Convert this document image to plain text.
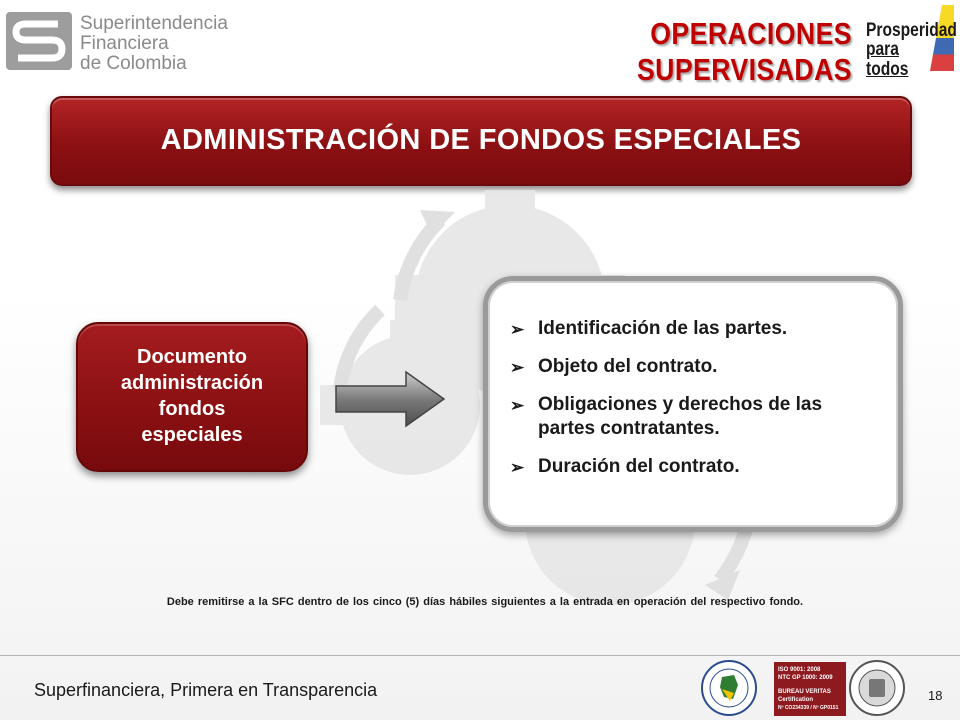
Superintendencia
Financiera
de Colombia
OPERACIONES SUPERVISADAS
Prosperidad
para todos
ADMINISTRACIÓN DE FONDOS ESPECIALES
Documento
administración
fondos
especiales
➢ Identificación de las partes.
➢ Objeto del contrato.
➢ Obligaciones y derechos de las partes contratantes.
➢ Duración del contrato.
Debe remitirse a la SFC dentro de los cinco (5) días hábiles siguientes a la entrada en operación del respectivo fondo.
Superfinanciera, Primera en Transparencia
ISO 9001: 2008
NTC GP 1000: 2009
BUREAU VERITAS
Certification
Nº CO234339 / Nº GP0151
18
